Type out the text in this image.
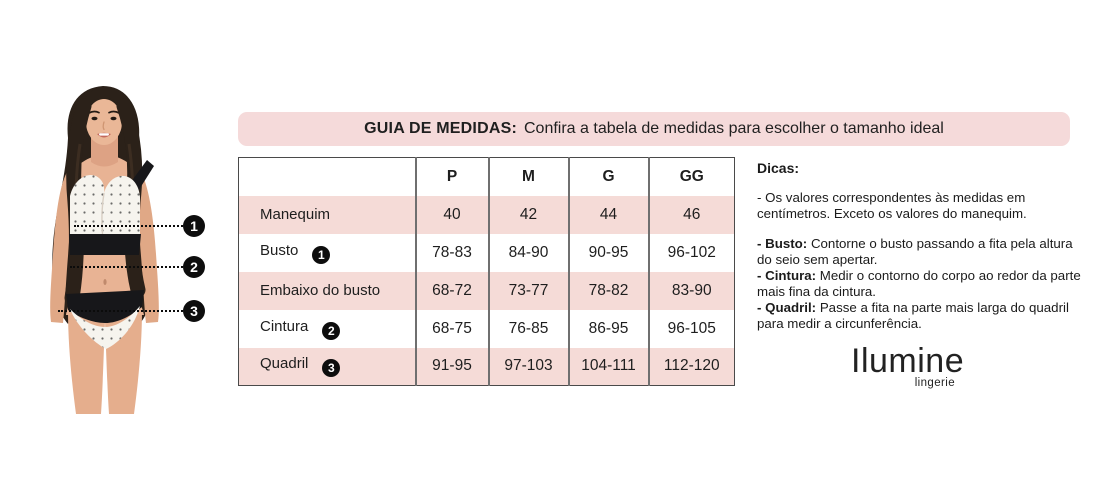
1
2
3
GUIA DE MEDIDAS: Confira a tabela de medidas para escolher o tamanho ideal
	P	M	G	GG
Manequim	40	42	44	46
Busto 1	78-83	84-90	90-95	96-102
Embaixo do busto	68-72	73-77	78-82	83-90
Cintura 2	68-75	76-85	86-95	96-105
Quadril 3	91-95	97-103	104-111	112-120
Dicas:
- Os valores correspondentes às medidas em centímetros. Exceto os valores do manequim.
- Busto: Contorne o busto passando a fita pela altura do seio sem apertar.
- Cintura: Medir o contorno do corpo ao redor da parte mais fina da cintura.
- Quadril: Passe a fita na parte mais larga do quadril para medir a circunferência.
Ilumine
lingerie
